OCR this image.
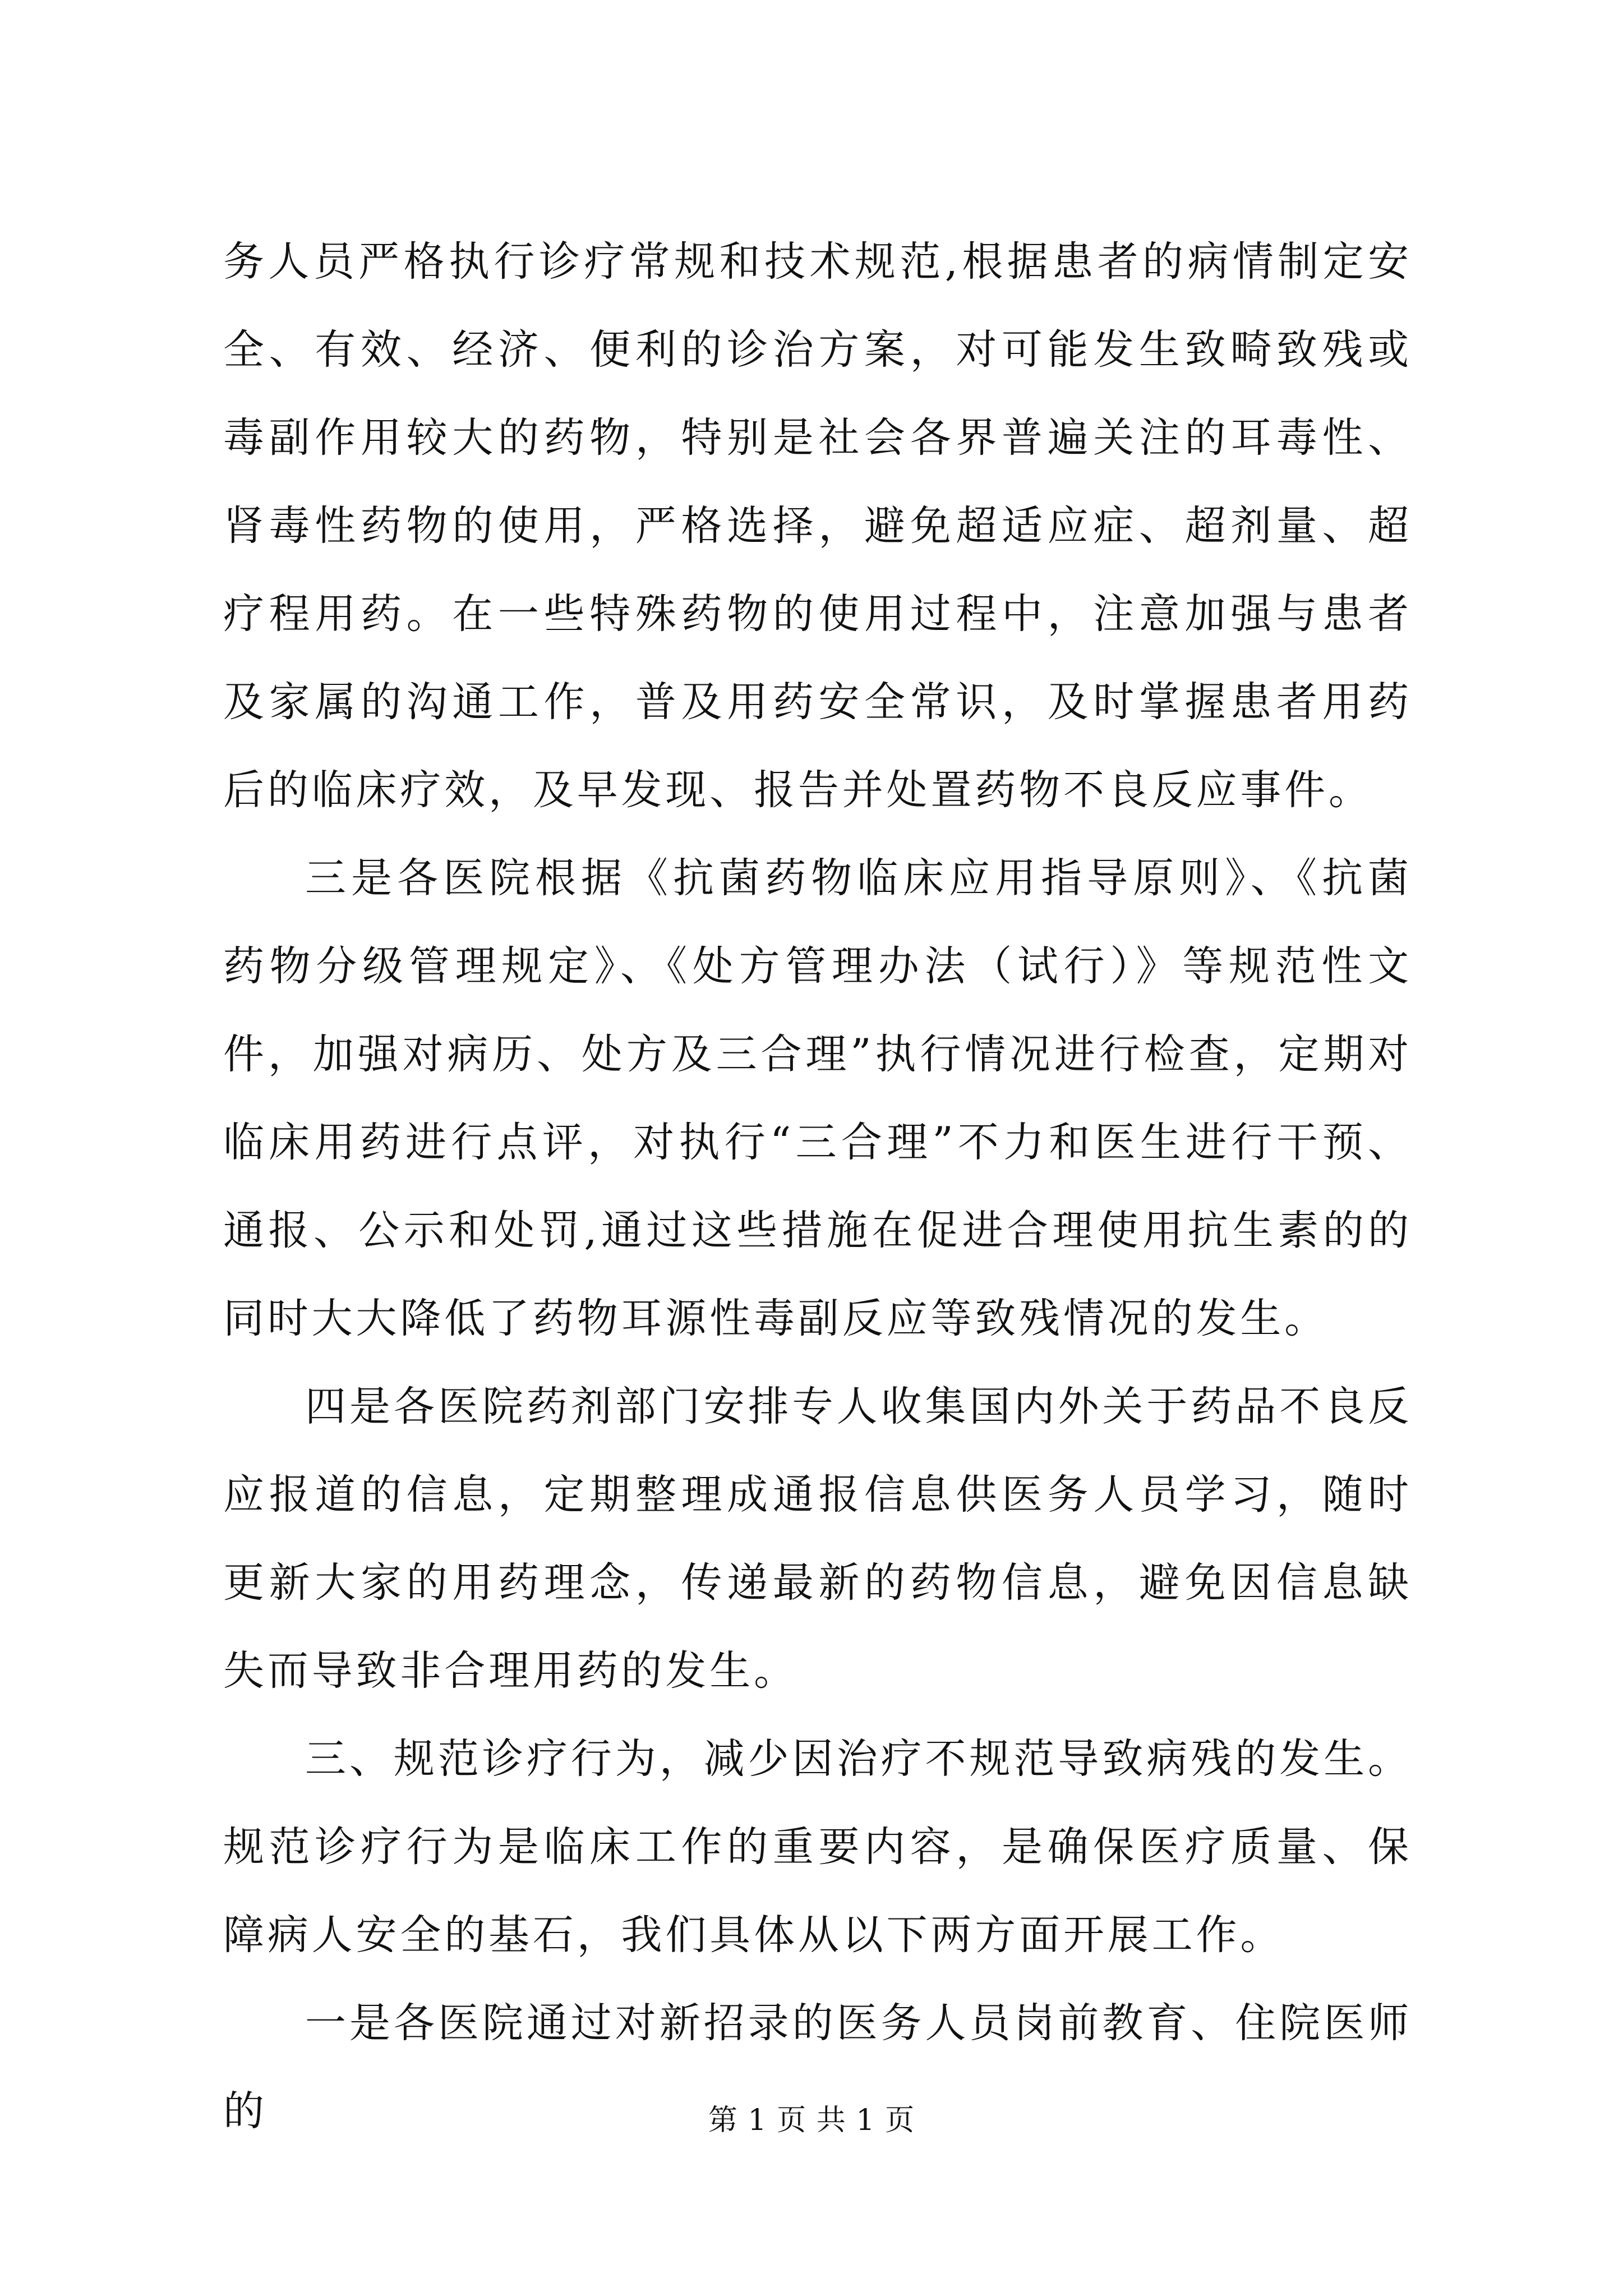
务人员严格执行诊疗常规和技术规范,根据患者的病情制定安全、有效、经济、便利的诊治方案，对可能发生致畸致残或毒副作用较大的药物，特别是社会各界普遍关注的耳毒性、肾毒性药物的使用，严格选择，避免超适应症、超剂量、超疗程用药。在一些特殊药物的使用过程中，注意加强与患者及家属的沟通工作，普及用药安全常识，及时掌握患者用药后的临床疗效，及早发现、报告并处置药物不良反应事件。

三是各医院根据《抗菌药物临床应用指导原则》、《抗菌药物分级管理规定》、《处方管理办法（试行）》等规范性文件，加强对病历、处方及三合理”执行情况进行检查，定期对临床用药进行点评，对执行“三合理”不力和医生进行干预、通报、公示和处罚,通过这些措施在促进合理使用抗生素的的同时大大降低了药物耳源性毒副反应等致残情况的发生。

四是各医院药剂部门安排专人收集国内外关于药品不良反应报道的信息，定期整理成通报信息供医务人员学习，随时更新大家的用药理念，传递最新的药物信息，避免因信息缺失而导致非合理用药的发生。

三、规范诊疗行为，减少因治疗不规范导致病残的发生。规范诊疗行为是临床工作的重要内容，是确保医疗质量、保障病人安全的基石，我们具体从以下两方面开展工作。

一是各医院通过对新招录的医务人员岗前教育、住院医师的	第 1 页 共 1 页
